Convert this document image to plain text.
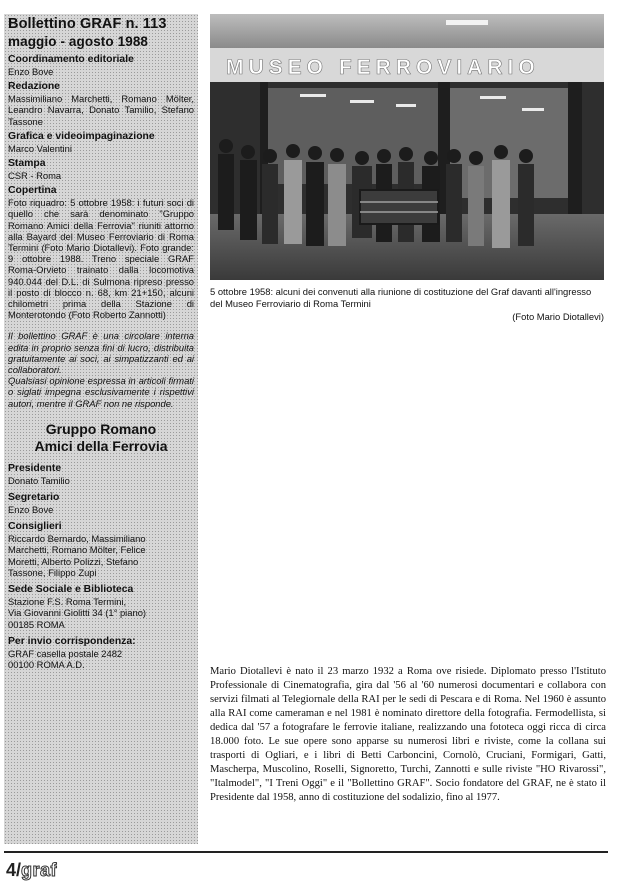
Bollettino GRAF n. 113
maggio - agosto 1988
Coordinamento editoriale
Enzo Bove
Redazione
Massimiliano Marchetti, Romano Mölter, Leandro Navarra, Donato Tamilio, Stefano Tassone
Grafica e videoimpaginazione
Marco Valentini
Stampa
CSR - Roma
Copertina
Foto riquadro: 5 ottobre 1958: i futuri soci di quello che sarà denominato "Gruppo Romano Amici della Ferrovia" riuniti attorno alla Bayard del Museo Ferroviario di Roma Termini (Foto Mario Diotallevi). Foto grande: 9 ottobre 1988. Treno speciale GRAF Roma-Orvieto trainato dalla locomotiva 940.044 del D.L. di Sulmona ripreso presso il posto di blocco n. 68, km 21+150, alcuni chilometri prima della Stazione di Monterotondo (Foto Roberto Zannotti)
Il bollettino GRAF è una circolare interna edita in proprio senza fini di lucro, distribuita gratuitamente ai soci, ai simpatizzanti ed ai collaboratori.
Qualsiasi opinione espressa in articoli firmati o siglati impegna esclusivamente i rispettivi autori, mentre il GRAF non ne risponde.
Gruppo Romano
Amici della Ferrovia
Presidente
Donato Tamilio
Segretario
Enzo Bove
Consiglieri
Riccardo Bernardo, Massimiliano
Marchetti, Romano Mölter, Felice
Moretti, Alberto Polizzi, Stefano
Tassone, Filippo Zupi
Sede Sociale e Biblioteca
Stazione F.S. Roma Termini,
Via Giovanni Giolitti 34 (1° piano)
00185 ROMA
Per invio corrispondenza:
GRAF casella postale 2482
00100 ROMA A.D.
MUSEO FERROVIARIO
5 ottobre 1958: alcuni dei convenuti alla riunione di costituzione del Graf davanti all'ingresso del Museo Ferroviario di Roma Termini
(Foto Mario Diotallevi)
Mario Diotallevi è nato il 23 marzo 1932 a Roma ove risiede. Diplomato presso l'Istituto Professionale di Cinematografia, gira dal '56 al '60 numerosi documentari e collabora con servizi filmati al Telegiornale della RAI per le sedi di Pescara e di Roma. Nel 1960 è assunto alla RAI come cameraman e nel 1981 è nominato direttore della fotografia. Fermodellista, si dedica dal '57 a fotografare le ferrovie italiane, realizzando una fototeca oggi ricca di circa 18.000 foto. Le sue opere sono apparse su numerosi libri e riviste, come la collana sui trasporti di Ogliari, e i libri di Betti Carboncini, Cornolò, Cruciani, Formigari, Gatti, Mascherpa, Muscolino, Roselli, Signoretto, Turchi, Zannotti e sulle riviste "HO Rivarossi", "Italmodel", "I Treni Oggi" e il "Bollettino GRAF". Socio fondatore del GRAF, ne è stato il Presidente dal 1958, anno di costituzione del sodalizio, fino al 1977.
4/graf
